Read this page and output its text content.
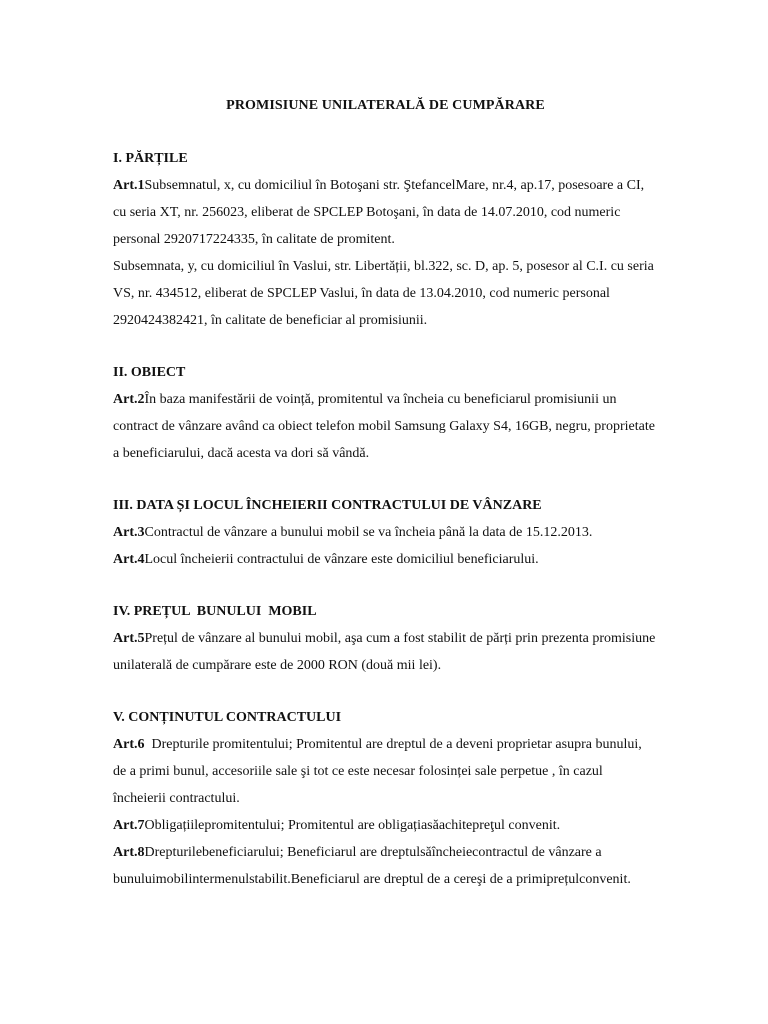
PROMISIUNE UNILATERALĂ DE CUMPĂRARE
I. PĂRȚILE

Art.1Subsemnatul, x, cu domiciliul în Botoşani str. ŞtefancelMare, nr.4, ap.17, posesoare a CI, cu seria XT, nr. 256023, eliberat de SPCLEP Botoşani, în data de 14.07.2010, cod numeric personal 2920717224335, în calitate de promitent.

Subsemnata, y, cu domiciliul în Vaslui, str. Libertății, bl.322, sc. D, ap. 5, posesor al C.I. cu seria VS, nr. 434512, eliberat de SPCLEP Vaslui, în data de 13.04.2010, cod numeric personal 2920424382421, în calitate de beneficiar al promisiunii.

II. OBIECT

Art.2În baza manifestării de voință, promitentul va încheia cu beneficiarul promisiunii un contract de vânzare având ca obiect telefon mobil Samsung Galaxy S4, 16GB, negru, proprietate a beneficiarului, dacă acesta va dori să vândă.

III. DATA ȘI LOCUL ÎNCHEIERII CONTRACTULUI DE VÂNZARE

Art.3Contractul de vânzare a bunului mobil se va încheia până la data de 15.12.2013.

Art.4Locul încheierii contractului de vânzare este domiciliul beneficiarului.

IV. PREȚUL  BUNULUI  MOBIL

Art.5Prețul de vânzare al bunului mobil, aşa cum a fost stabilit de părți prin prezenta promisiune unilaterală de cumpărare este de 2000 RON (două mii lei).

V. CONȚINUTUL CONTRACTULUI

Art.6  Drepturile promitentului; Promitentul are dreptul de a deveni proprietar asupra bunului, de a primi bunul, accesoriile sale şi tot ce este necesar folosinței sale perpetue , în cazul încheierii contractului.

Art.7Obligațiilepromitentului; Promitentul are obligațiasăachitepreţul convenit.

Art.8Drepturilebeneficiarului; Beneficiarul are dreptulsăîncheiecontractul de vânzare a bunuluimobilintermenulstabilit.Beneficiarul are dreptul de a cereşi de a primiprețulconvenit.
